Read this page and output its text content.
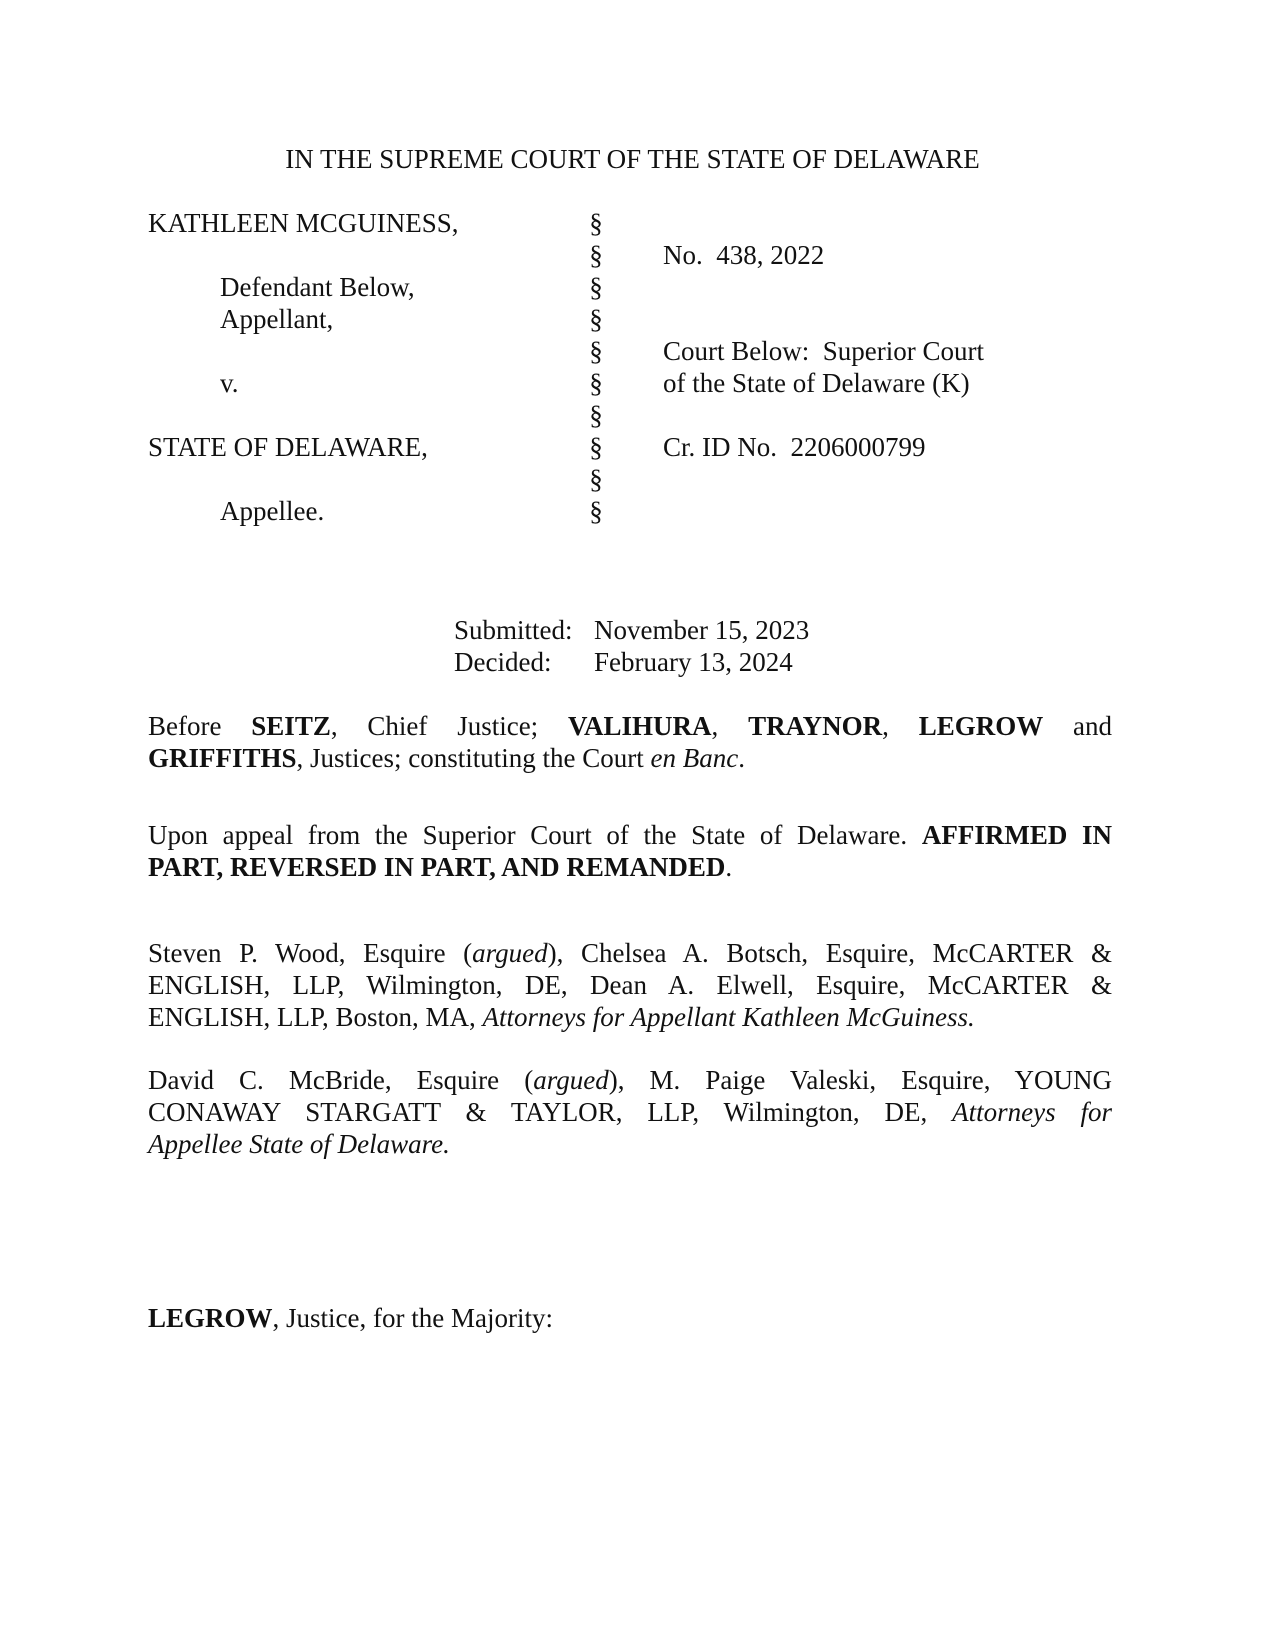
IN THE SUPREME COURT OF THE STATE OF DELAWARE
KATHLEEN MCGUINESS,
Defendant Below,
Appellant,
v.
STATE OF DELAWARE,
Appellee.
§
§
§
§
§
§
§
§
§
§
No.  438, 2022
Court Below:  Superior Court
of the State of Delaware (K)
Cr. ID No.  2206000799
Submitted: November 15, 2023
Decided:	February 13, 2024
Before SEITZ, Chief Justice; VALIHURA, TRAYNOR, LEGROW and
GRIFFITHS, Justices; constituting the Court en Banc.
Upon appeal from the Superior Court of the State of Delaware. AFFIRMED IN
PART, REVERSED IN PART, AND REMANDED.
Steven P. Wood, Esquire (argued), Chelsea A. Botsch, Esquire, McCARTER &
ENGLISH, LLP, Wilmington, DE, Dean A. Elwell, Esquire, McCARTER &
ENGLISH, LLP, Boston, MA, Attorneys for Appellant Kathleen McGuiness.
David C. McBride, Esquire (argued), M. Paige Valeski, Esquire, YOUNG
CONAWAY STARGATT & TAYLOR, LLP, Wilmington, DE, Attorneys for
Appellee State of Delaware.
LEGROW, Justice, for the Majority:
